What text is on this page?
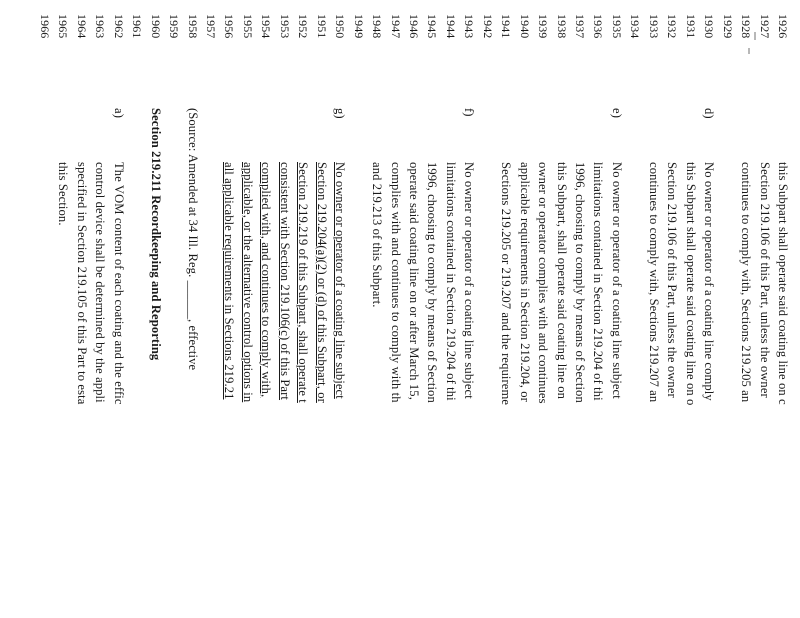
1926
1927
1928
1929
1930
1931
1932
1933
1934
1935
1936
1937
1938
1939
1940
1941
1942
1943
1944
1945
1946
1947
1948
1949
1950
1951
1952
1953
1954
1955
1956
1957
1958
1959
1960
1961
1962
1963
1964
1965
1966
this Subpart shall operate said coating line on c
Section 219.106 of this Part, unless the owner
continues to comply with, Sections 219.205 an
d)
No owner or operator of a coating line comply
this Subpart shall operate said coating line on o
Section 219.106 of this Part, unless the owner
continues to comply with, Sections 219.207 an
e)
No owner or operator of a coating line subject
limitations contained in Section 219.204 of thi
1996, choosing to comply by means of Section
this Subpart, shall operate said coating line on
owner or operator complies with and continues
applicable requirements in Section 219.204, or
Sections 219.205 or 219.207 and the requireme
f)
No owner or operator of a coating line subject
limitations contained in Section 219.204 of thi
1996, choosing to comply by means of Section
operate said coating line on or after March 15,
complies with and continues to comply with th
and 219.213 of this Subpart.
g)
No owner or operator of a coating line subject
Section 219.204(a)(2) or (d) of this Subpart, or
Section 219.219 of this Subpart, shall operate t
consistent with Section 219.106(c) of this Part
complied with, and continues to comply with,
applicable, or the alternative control options in
all applicable requirements in Sections 219.21
(Source: Amended at 34 Ill. Reg. ______, effective
Section 219.211 Recordkeeping and Reporting
a)
The VOM content of each coating and the effic
control device shall be determined by the appli
specified in Section 219.105 of this Part to esta
this Section.
